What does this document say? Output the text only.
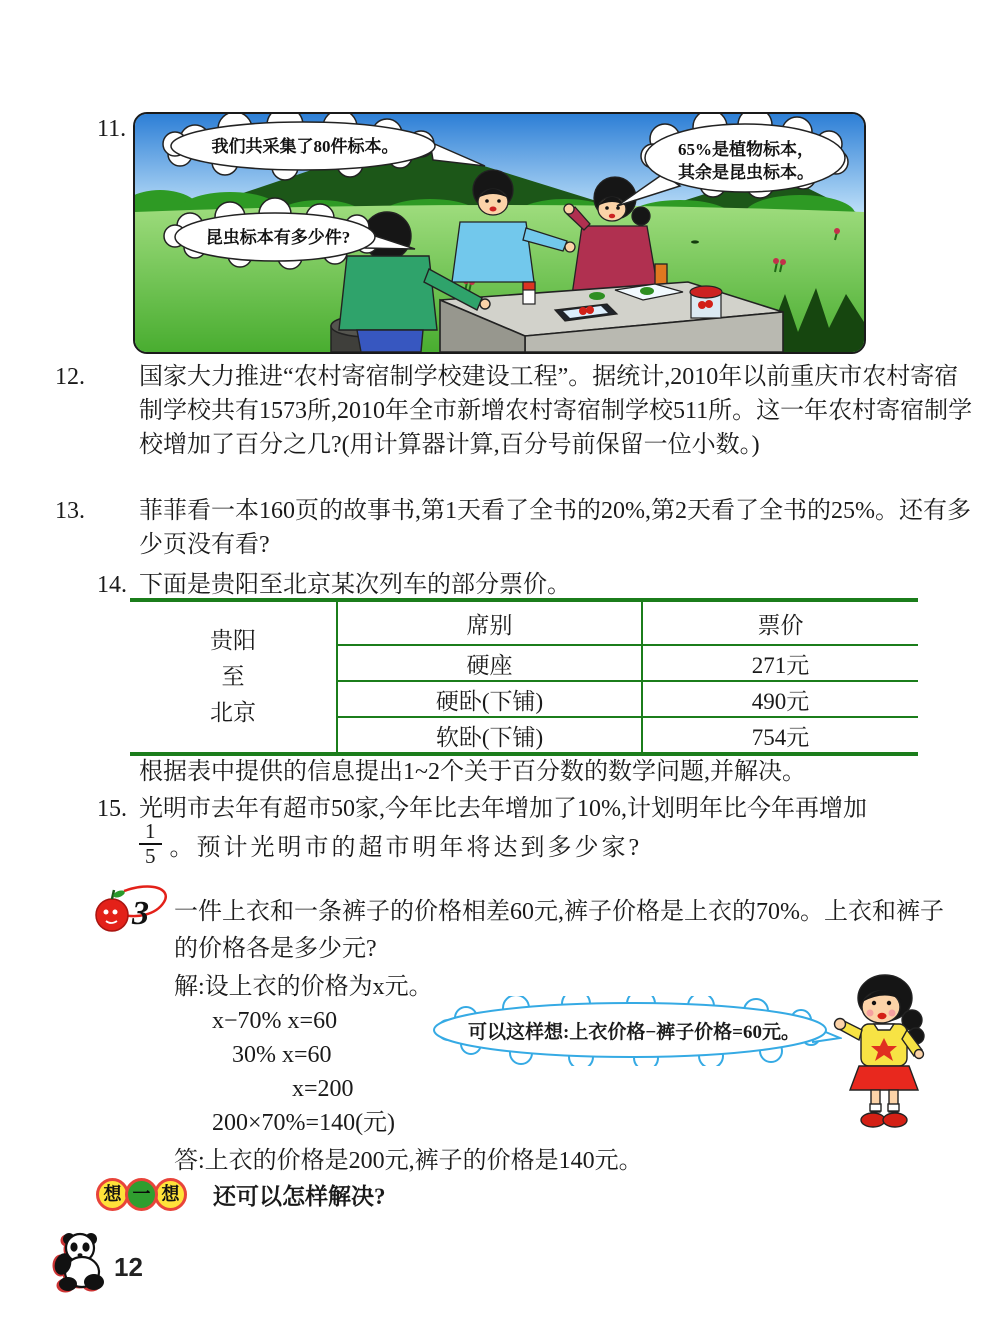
11.
我们共采集了80件标本。	65%是植物标本，
其余是昆虫标本。
昆虫标本有多少件?
12. 国家大力推进“农村寄宿制学校建设工程”。据统计,2010年以前重庆市农村寄宿制学校共有1573所,2010年全市新增农村寄宿制学校511所。这一年农村寄宿制学校增加了百分之几?(用计算器计算,百分号前保留一位小数。)
13. 菲菲看一本160页的故事书,第1天看了全书的20%,第2天看了全书的25%。还有多少页没有看?
14. 下面是贵阳至北京某次列车的部分票价。
贵阳
至
北京	席别	票价
	硬座	271元
	硬卧(下铺)	490元
	软卧(下铺)	754元
根据表中提供的信息提出1~2个关于百分数的数学问题,并解决。
15. 光明市去年有超市50家,今年比去年增加了10%,计划明年比今年再增加
$\frac{1}{5}$ 。预计光明市的超市明年将达到多少家?
3 一件上衣和一条裤子的价格相差60元,裤子价格是上衣的70%。上衣和裤子的价格各是多少元?
解:设上衣的价格为x元。
x−70% x=60
30% x=60
x=200
200×70%=140(元)
答:上衣的价格是200元,裤子的价格是140元。
可以这样想:上衣价格−裤子价格=60元。
想 一 想	还可以怎样解决?
12
